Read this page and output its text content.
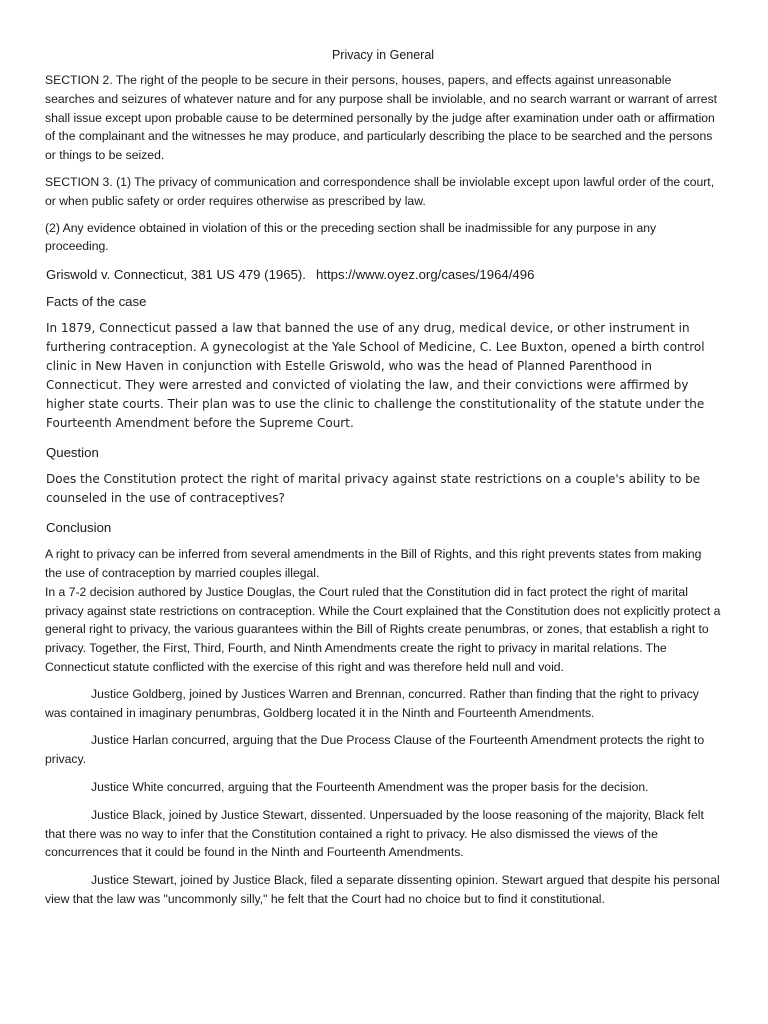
Privacy in General

SECTION 2. The right of the people to be secure in their persons, houses, papers, and effects against unreasonable searches and seizures of whatever nature and for any purpose shall be inviolable, and no search warrant or warrant of arrest shall issue except upon probable cause to be determined personally by the judge after examination under oath or affirmation of the complainant and the witnesses he may produce, and particularly describing the place to be searched and the persons or things to be seized.

SECTION 3. (1) The privacy of communication and correspondence shall be inviolable except upon lawful order of the court, or when public safety or order requires otherwise as prescribed by law.

(2) Any evidence obtained in violation of this or the preceding section shall be inadmissible for any purpose in any proceeding.

Griswold v. Connecticut, 381 US 479 (1965). https://www.oyez.org/cases/1964/496
Facts of the case

In 1879, Connecticut passed a law that banned the use of any drug, medical device, or other instrument in furthering contraception. A gynecologist at the Yale School of Medicine, C. Lee Buxton, opened a birth control clinic in New Haven in conjunction with Estelle Griswold, who was the head of Planned Parenthood in Connecticut. They were arrested and convicted of violating the law, and their convictions were affirmed by higher state courts. Their plan was to use the clinic to challenge the constitutionality of the statute under the Fourteenth Amendment before the Supreme Court.

Question

Does the Constitution protect the right of marital privacy against state restrictions on a couple's ability to be counseled in the use of contraceptives?

Conclusion

A right to privacy can be inferred from several amendments in the Bill of Rights, and this right prevents states from making the use of contraception by married couples illegal.

In a 7-2 decision authored by Justice Douglas, the Court ruled that the Constitution did in fact protect the right of marital privacy against state restrictions on contraception. While the Court explained that the Constitution does not explicitly protect a general right to privacy, the various guarantees within the Bill of Rights create penumbras, or zones, that establish a right to privacy. Together, the First, Third, Fourth, and Ninth Amendments create the right to privacy in marital relations. The Connecticut statute conflicted with the exercise of this right and was therefore held null and void.

Justice Goldberg, joined by Justices Warren and Brennan, concurred. Rather than finding that the right to privacy was contained in imaginary penumbras, Goldberg located it in the Ninth and Fourteenth Amendments.

Justice Harlan concurred, arguing that the Due Process Clause of the Fourteenth Amendment protects the right to privacy.

Justice White concurred, arguing that the Fourteenth Amendment was the proper basis for the decision.

Justice Black, joined by Justice Stewart, dissented. Unpersuaded by the loose reasoning of the majority, Black felt that there was no way to infer that the Constitution contained a right to privacy. He also dismissed the views of the concurrences that it could be found in the Ninth and Fourteenth Amendments.

Justice Stewart, joined by Justice Black, filed a separate dissenting opinion. Stewart argued that despite his personal view that the law was "uncommonly silly," he felt that the Court had no choice but to find it constitutional.
